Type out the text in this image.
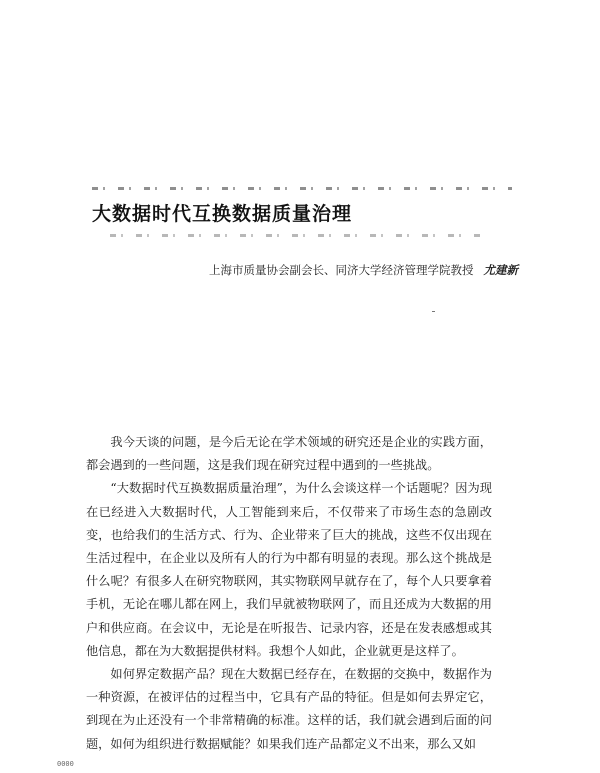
大数据时代互换数据质量治理
上海市质量协会副会长、同济大学经济管理学院教授 尤建新

我今天谈的问题，是今后无论在学术领域的研究还是企业的实践方面，都会遇到的一些问题，这是我们现在研究过程中遇到的一些挑战。

“大数据时代互换数据质量治理”，为什么会谈这样一个话题呢？因为现在已经进入大数据时代，人工智能到来后，不仅带来了市场生态的急剧改变，也给我们的生活方式、行为、企业带来了巨大的挑战，这些不仅出现在生活过程中，在企业以及所有人的行为中都有明显的表现。那么这个挑战是什么呢？有很多人在研究物联网，其实物联网早就存在了，每个人只要拿着手机，无论在哪儿都在网上，我们早就被物联网了，而且还成为大数据的用户和供应商。在会议中，无论是在听报告、记录内容，还是在发表感想或其他信息，都在为大数据提供材料。我想个人如此，企业就更是这样了。

如何界定数据产品？现在大数据已经存在，在数据的交换中，数据作为一种资源，在被评估的过程当中，它具有产品的特征。但是如何去界定它，到现在为止还没有一个非常精确的标准。这样的话，我们就会遇到后面的问题，如何为组织进行数据赋能？如果我们连产品都定义不出来，那么又如

0000
